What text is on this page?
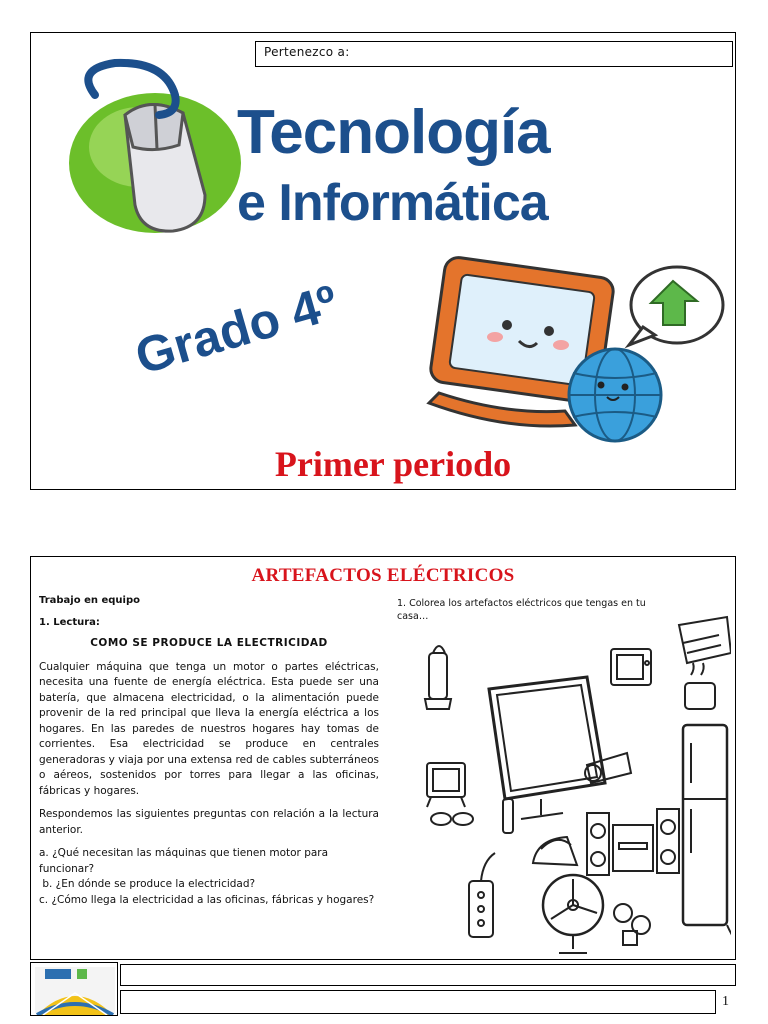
Pertenezco a:
Tecnología
e Informática
Grado 4º
Primer periodo
ARTEFACTOS ELÉCTRICOS
Trabajo en equipo
1. Lectura:
COMO SE PRODUCE LA ELECTRICIDAD

Cualquier máquina que tenga un motor o partes eléctricas, necesita una fuente de energía eléctrica. Esta puede ser una batería, que almacena electricidad, o la alimentación puede provenir de la red principal que lleva la energía eléctrica a los hogares. En las paredes de nuestros hogares hay tomas de corrientes. Esa electricidad se produce en centrales generadoras y viaja por una extensa red de cables subterráneos o aéreos, sostenidos por torres para llegar a las oficinas, fábricas y hogares.

Respondemos las siguientes preguntas con relación a la lectura anterior.

a. ¿Qué necesitan las máquinas que tienen motor para funcionar?

b. ¿En dónde se produce la electricidad?

c. ¿Cómo llega la electricidad a las oficinas, fábricas y hogares?

1. Colorea los artefactos eléctricos que tengas en tu casa…
1
